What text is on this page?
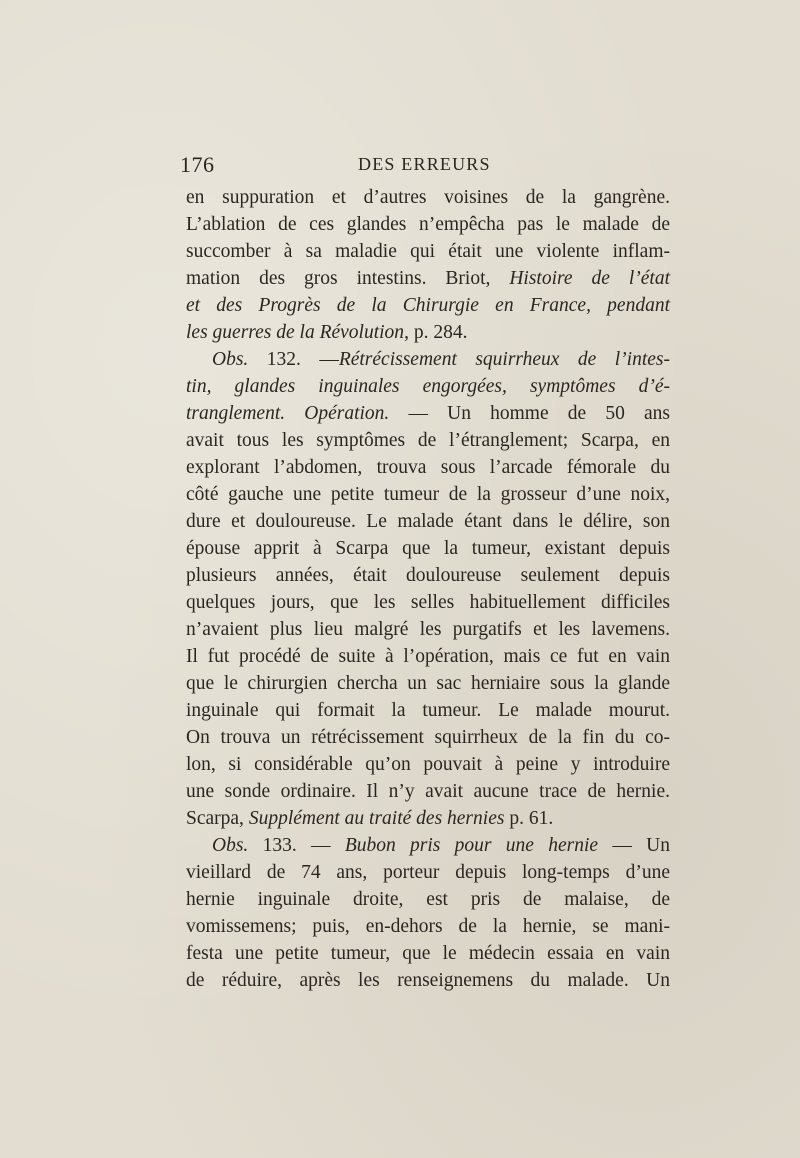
176	DES ERREURS
en suppuration et d’autres voisines de la gangrène.
L’ablation de ces glandes n’empêcha pas le malade de
succomber à sa maladie qui était une violente inflam-
mation des gros intestins. Briot, Histoire de l’état
et des Progrès de la Chirurgie en France, pendant
les guerres de la Révolution, p. 284.
Obs. 132. —Rétrécissement squirrheux de l’intes-
tin, glandes inguinales engorgées, symptômes d’é-
tranglement. Opération. — Un homme de 50 ans
avait tous les symptômes de l’étranglement; Scarpa, en
explorant l’abdomen, trouva sous l’arcade fémorale du
côté gauche une petite tumeur de la grosseur d’une noix,
dure et douloureuse. Le malade étant dans le délire, son
épouse apprit à Scarpa que la tumeur, existant depuis
plusieurs années, était douloureuse seulement depuis
quelques jours, que les selles habituellement difficiles
n’avaient plus lieu malgré les purgatifs et les lavemens.
Il fut procédé de suite à l’opération, mais ce fut en vain
que le chirurgien chercha un sac herniaire sous la glande
inguinale qui formait la tumeur. Le malade mourut.
On trouva un rétrécissement squirrheux de la fin du co-
lon, si considérable qu’on pouvait à peine y introduire
une sonde ordinaire. Il n’y avait aucune trace de hernie.
Scarpa, Supplément au traité des hernies p. 61.
Obs. 133. — Bubon pris pour une hernie — Un
vieillard de 74 ans, porteur depuis long-temps d’une
hernie inguinale droite, est pris de malaise, de
vomissemens; puis, en-dehors de la hernie, se mani-
festa une petite tumeur, que le médecin essaia en vain
de réduire, après les renseignemens du malade. Un
